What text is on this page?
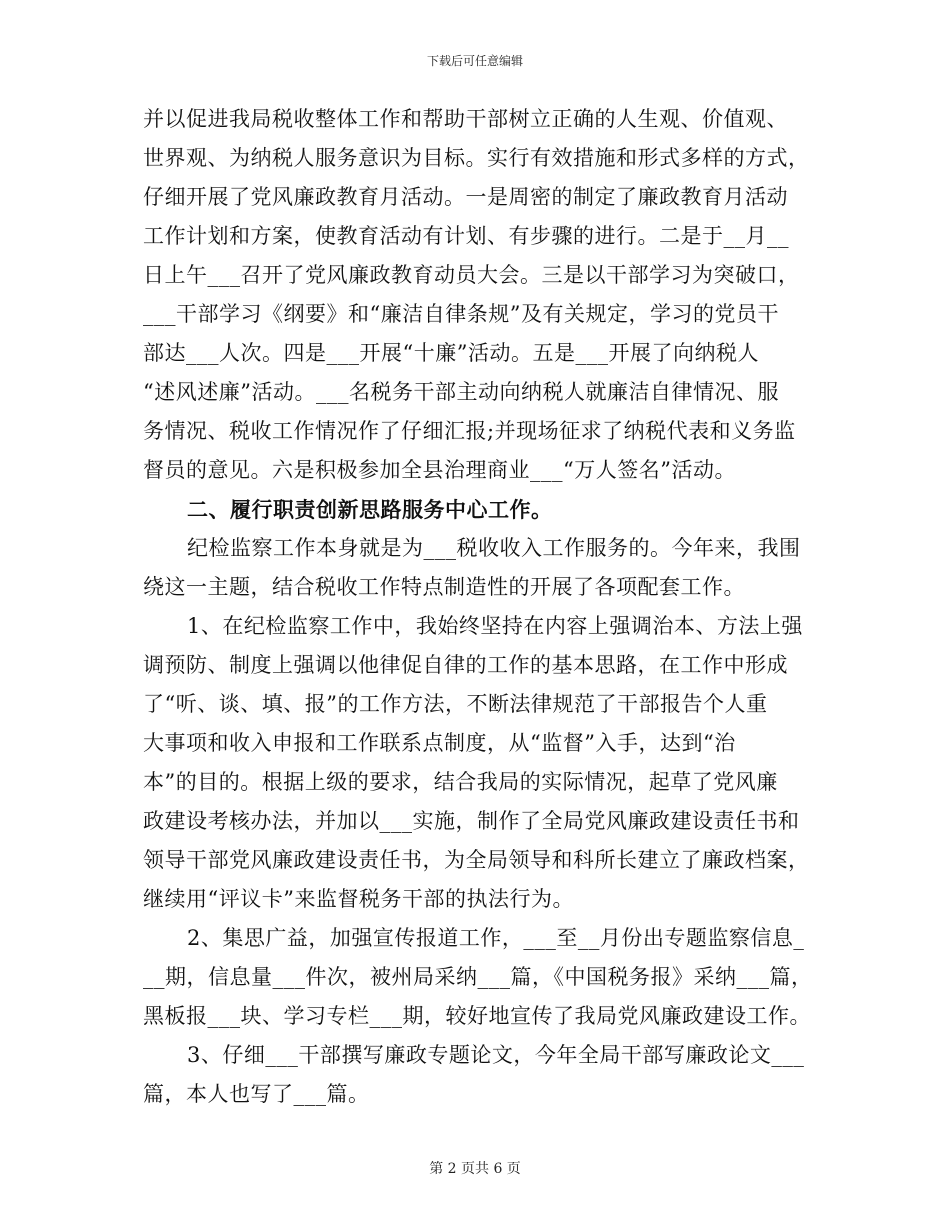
下载后可任意编辑
并以促进我局税收整体工作和帮助干部树立正确的人生观、价值观、
世界观、为纳税人服务意识为目标。实行有效措施和形式多样的方式，
仔细开展了党风廉政教育月活动。一是周密的制定了廉政教育月活动
工作计划和方案，使教育活动有计划、有步骤的进行。二是于__月__
日上午___召开了党风廉政教育动员大会。三是以干部学习为突破口，
___干部学习《纲要》和“廉洁自律条规”及有关规定，学习的党员干
部达___人次。四是___开展“十廉”活动。五是___开展了向纳税人
“述风述廉”活动。___名税务干部主动向纳税人就廉洁自律情况、服
务情况、税收工作情况作了仔细汇报;并现场征求了纳税代表和义务监
督员的意见。六是积极参加全县治理商业___“万人签名”活动。
二、履行职责创新思路服务中心工作。
纪检监察工作本身就是为___税收收入工作服务的。今年来，我围
绕这一主题，结合税收工作特点制造性的开展了各项配套工作。
1、在纪检监察工作中，我始终坚持在内容上强调治本、方法上强
调预防、制度上强调以他律促自律的工作的基本思路，在工作中形成
了“听、谈、填、报”的工作方法，不断法律规范了干部报告个人重
大事项和收入申报和工作联系点制度，从“监督”入手，达到“治
本”的目的。根据上级的要求，结合我局的实际情况，起草了党风廉
政建设考核办法，并加以___实施，制作了全局党风廉政建设责任书和
领导干部党风廉政建设责任书，为全局领导和科所长建立了廉政档案，
继续用“评议卡”来监督税务干部的执法行为。
2、集思广益，加强宣传报道工作，___至__月份出专题监察信息_
__期，信息量___件次，被州局采纳___篇，《中国税务报》采纳___篇，
黑板报___块、学习专栏___期，较好地宣传了我局党风廉政建设工作。
3、仔细___干部撰写廉政专题论文，今年全局干部写廉政论文___
篇，本人也写了___篇。
第 2 页共 6 页
